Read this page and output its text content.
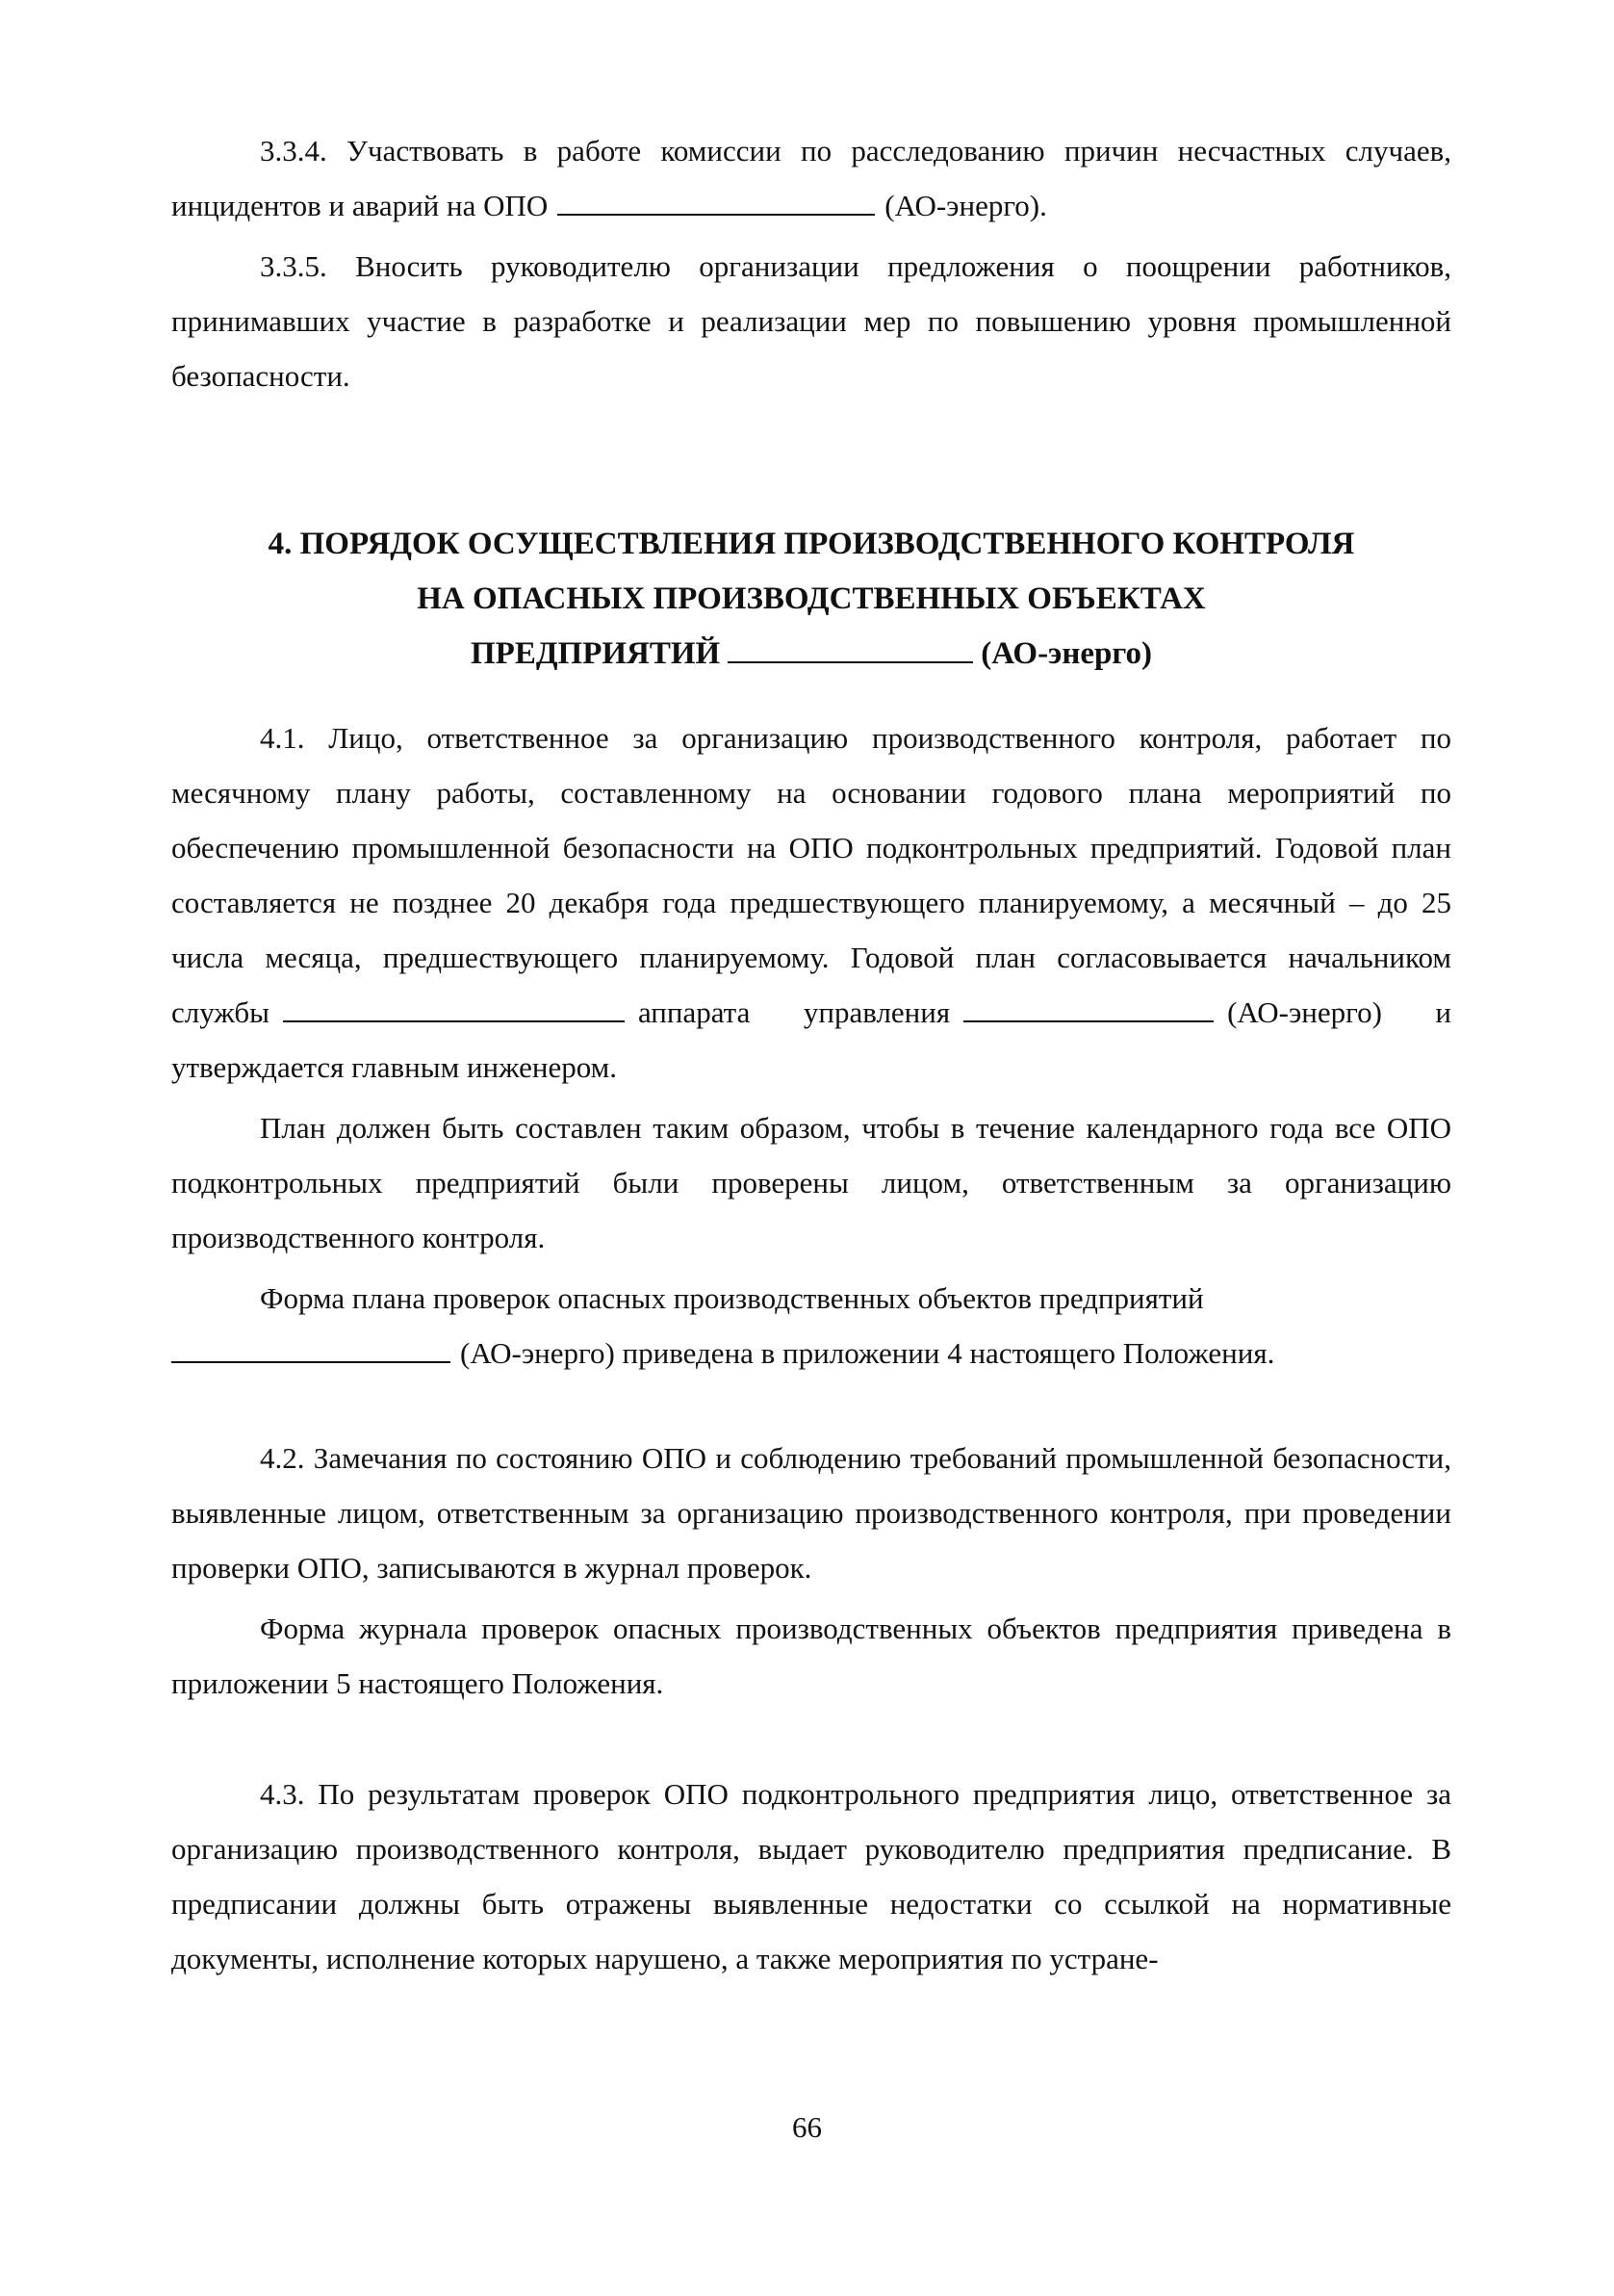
3.3.4. Участвовать в работе комиссии по расследованию причин несчастных случаев, инцидентов и аварий на ОПО	(АО-энерго).

3.3.5. Вносить руководителю организации предложения о поощрении работников, принимавших участие в разработке и реализации мер по повышению уровня промышленной безопасности.

4. ПОРЯДОК ОСУЩЕСТВЛЕНИЯ ПРОИЗВОДСТВЕННОГО КОНТРОЛЯ
НА ОПАСНЫХ ПРОИЗВОДСТВЕННЫХ ОБЪЕКТАХ
ПРЕДПРИЯТИЙ	(АО-энерго)

4.1. Лицо, ответственное за организацию производственного контроля, работает по месячному плану работы, составленному на основании годового плана мероприятий по обеспечению промышленной безопасности на ОПО подконтрольных предприятий. Годовой план составляется не позднее 20 декабря года предшествующего планируемому, а месячный – до 25 числа месяца, предшествующего планируемому. Годовой план согласовывается начальником службы	аппарата управления	(АО-энерго) и утверждается главным инженером.

План должен быть составлен таким образом, чтобы в течение календарного года все ОПО подконтрольных предприятий были проверены лицом, ответственным за организацию производственного контроля.

Форма плана проверок опасных производственных объектов предприятий
(АО-энерго) приведена в приложении 4 настоящего Положения.

4.2. Замечания по состоянию ОПО и соблюдению требований промышленной безопасности, выявленные лицом, ответственным за организацию производственного контроля, при проведении проверки ОПО, записываются в журнал проверок.

Форма журнала проверок опасных производственных объектов предприятия приведена в приложении 5 настоящего Положения.

4.3. По результатам проверок ОПО подконтрольного предприятия лицо, ответственное за организацию производственного контроля, выдает руководителю предприятия предписание. В предписании должны быть отражены выявленные недостатки со ссылкой на нормативные документы, исполнение которых нарушено, а также мероприятия по устране-

66
